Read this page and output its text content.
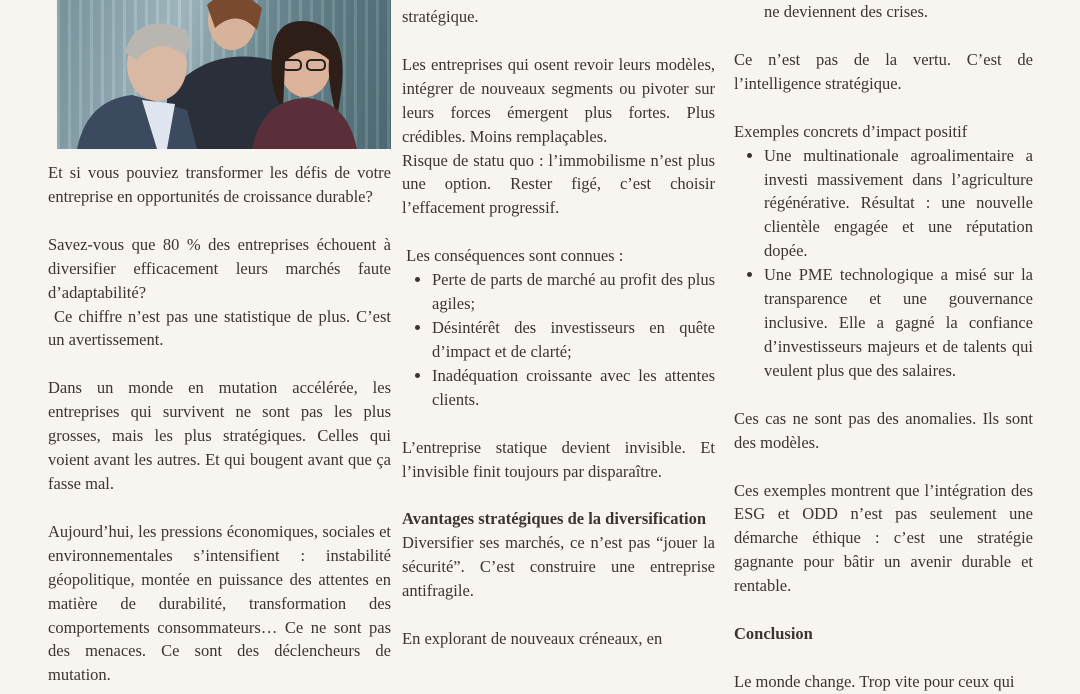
Et si vous pouviez transformer les défis de votre entreprise en opportunités de croissance durable?

Savez-vous que 80 % des entreprises échouent à diversifier efficacement leurs marchés faute d’adaptabilité?

Ce chiffre n’est pas une statistique de plus. C’est un avertissement.

Dans un monde en mutation accélérée, les entreprises qui survivent ne sont pas les plus grosses, mais les plus stratégiques. Celles qui voient avant les autres. Et qui bougent avant que ça fasse mal.

Aujourd’hui, les pressions économiques, sociales et environnementales s’intensifient : instabilité géopolitique, montée en puissance des attentes en matière de durabilité, transformation des comportements consommateurs… Ce ne sont pas des menaces. Ce sont des déclencheurs de mutation.

stratégique.

Les entreprises qui osent revoir leurs modèles, intégrer de nouveaux segments ou pivoter sur leurs forces émergent plus fortes. Plus crédibles. Moins remplaçables.

Risque de statu quo : l’immobilisme n’est plus une option. Rester figé, c’est choisir l’effacement progressif.

Les conséquences sont connues :

• Perte de parts de marché au profit des plus agiles;
• Désintérêt des investisseurs en quête d’impact et de clarté;
• Inadéquation croissante avec les attentes clients.

L’entreprise statique devient invisible. Et l’invisible finit toujours par disparaître.

Avantages stratégiques de la diversification

Diversifier ses marchés, ce n’est pas “jouer la sécurité”. C’est construire une entreprise antifragile.

En explorant de nouveaux créneaux, en

ne deviennent des crises.

Ce n’est pas de la vertu. C’est de l’intelligence stratégique.

Exemples concrets d’impact positif

• Une multinationale agroalimentaire a investi massivement dans l’agriculture régénérative. Résultat : une nouvelle clientèle engagée et une réputation dopée.
• Une PME technologique a misé sur la transparence et une gouvernance inclusive. Elle a gagné la confiance d’investisseurs majeurs et de talents qui veulent plus que des salaires.

Ces cas ne sont pas des anomalies. Ils sont des modèles.

Ces exemples montrent que l’intégration des ESG et ODD n’est pas seulement une démarche éthique : c’est une stratégie gagnante pour bâtir un avenir durable et rentable.

Conclusion

Le monde change. Trop vite pour ceux qui
